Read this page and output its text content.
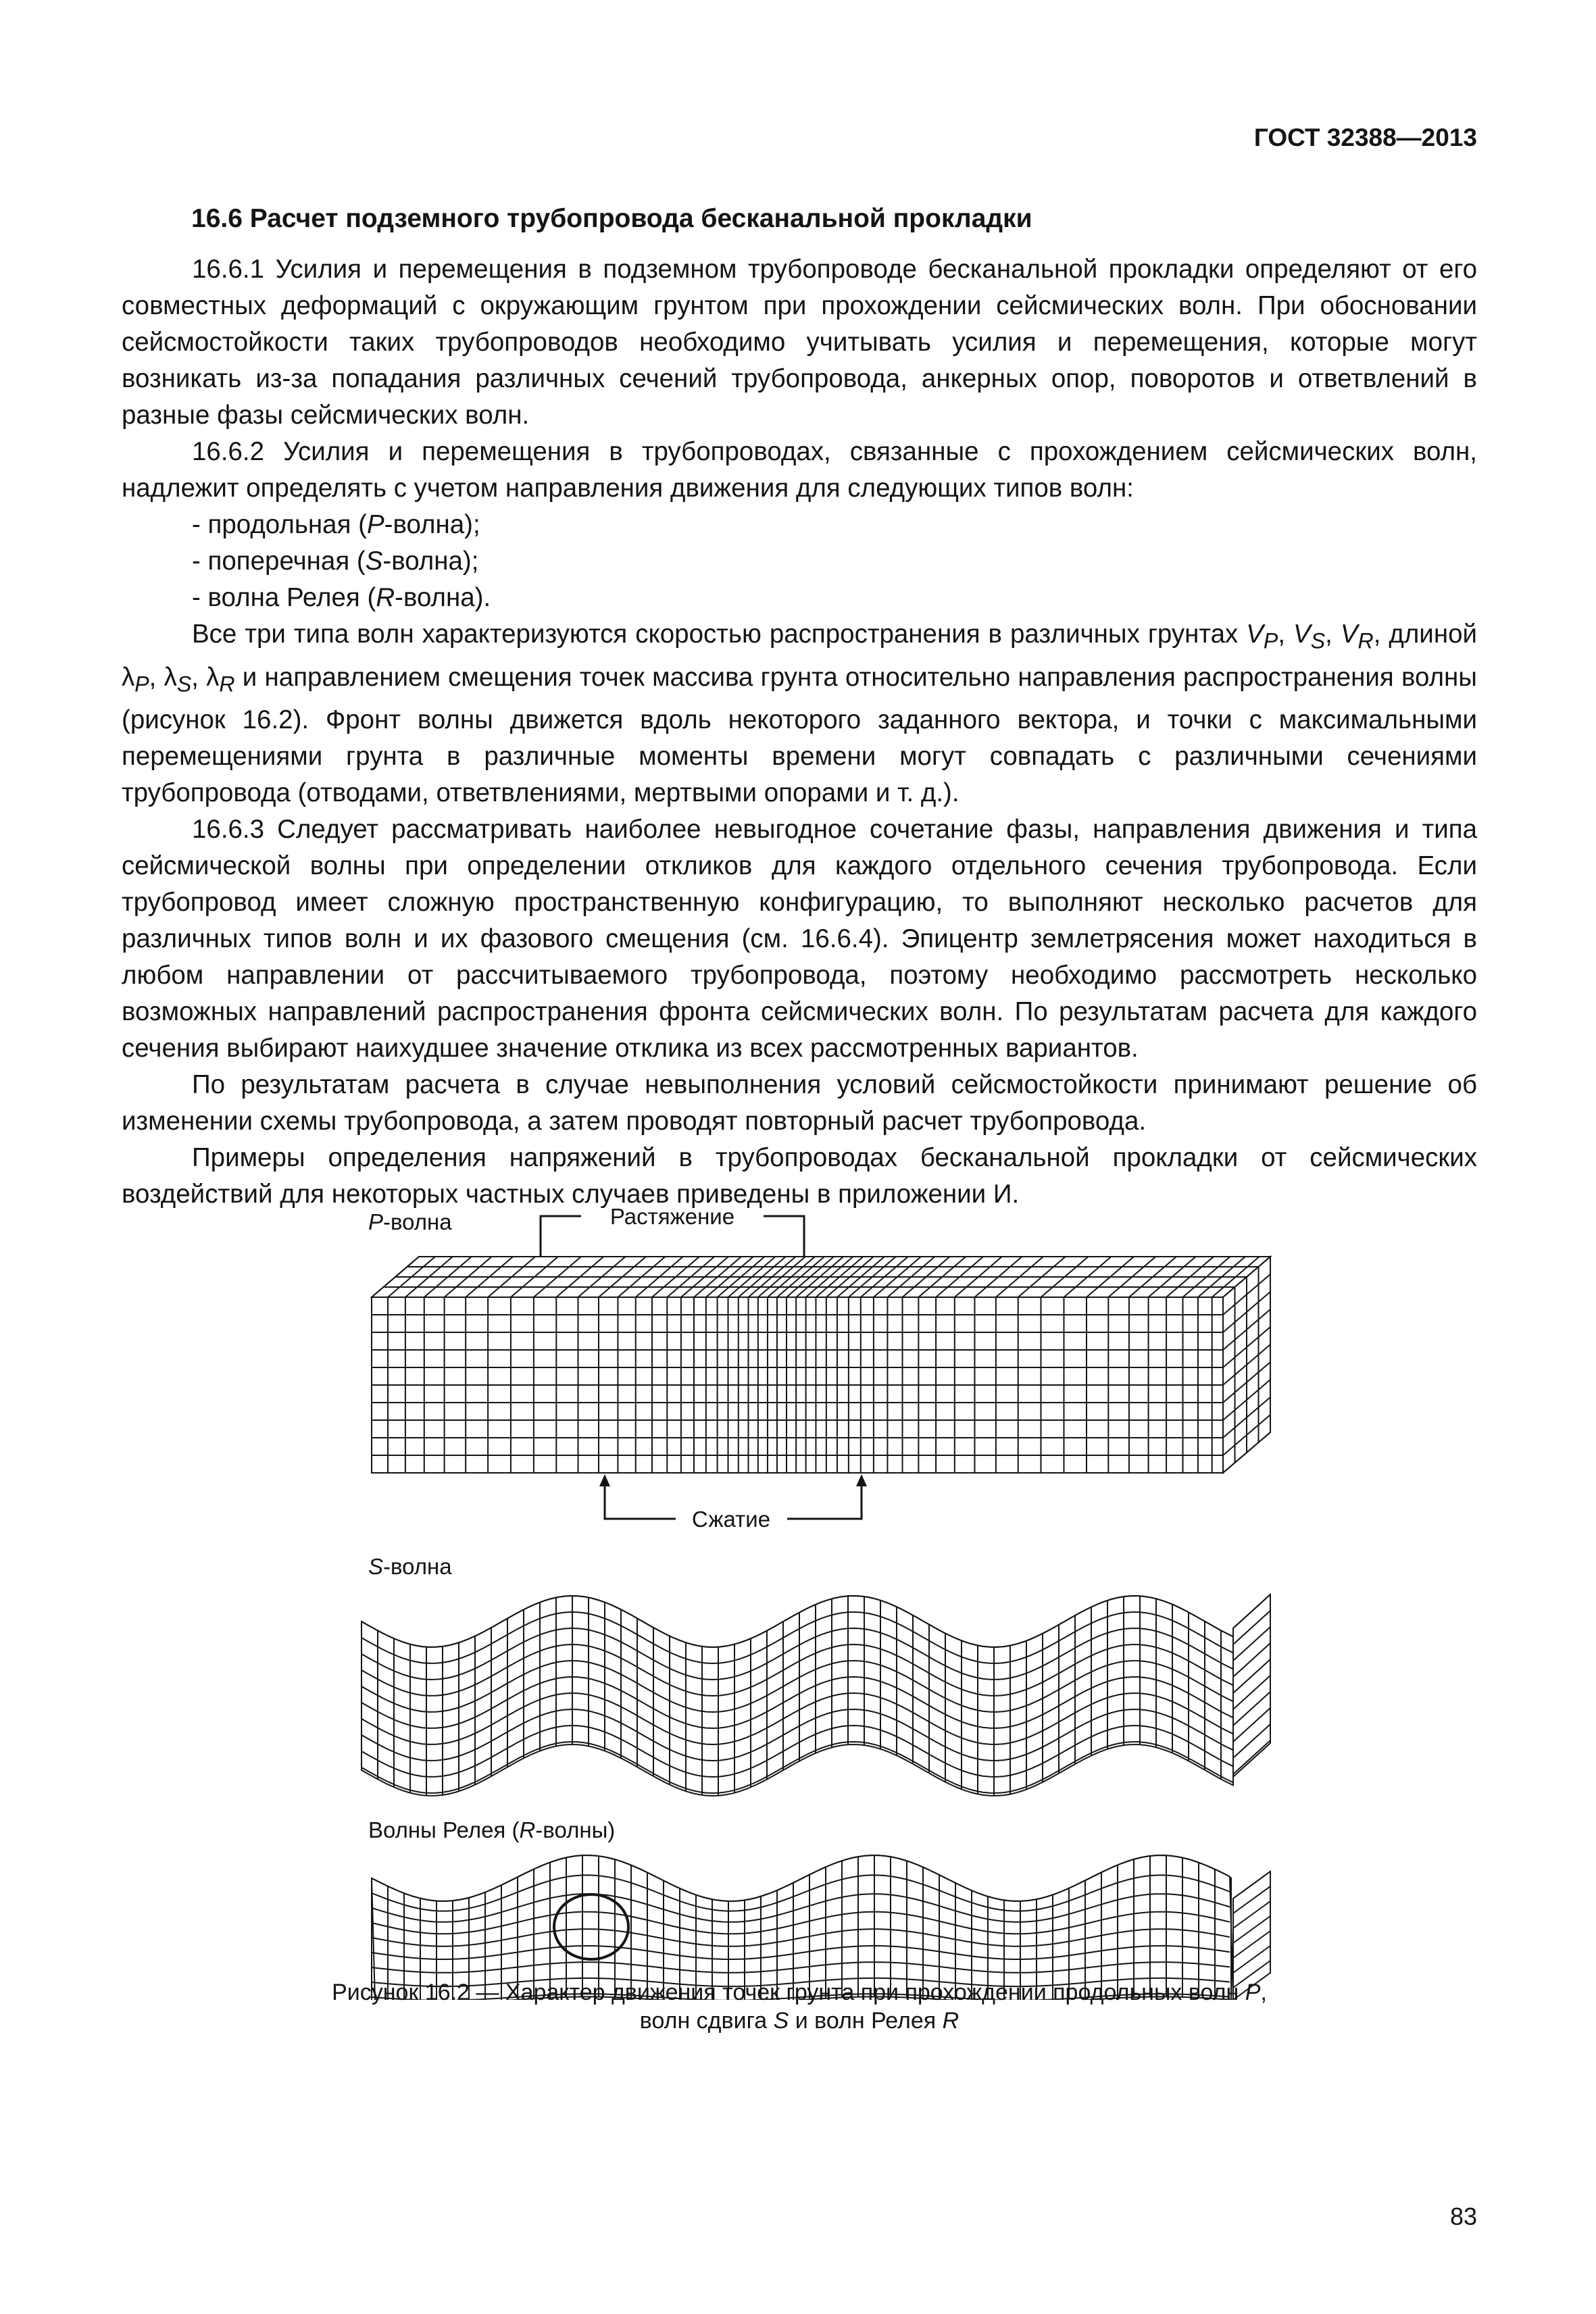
ГОСТ 32388—2013
16.6 Расчет подземного трубопровода бесканальной прокладки

16.6.1 Усилия и перемещения в подземном трубопроводе бесканальной прокладки определяют от его совместных деформаций с окружающим грунтом при прохождении сейсмических волн. При обосновании сейсмостойкости таких трубопроводов необходимо учитывать усилия и перемещения, которые могут возникать из-за попадания различных сечений трубопровода, анкерных опор, поворотов и ответвлений в разные фазы сейсмических волн.

16.6.2 Усилия и перемещения в трубопроводах, связанные с прохождением сейсмических волн, надлежит определять с учетом направления движения для следующих типов волн:

- продольная (P-волна);

- поперечная (S-волна);

- волна Релея (R-волна).

Все три типа волн характеризуются скоростью распространения в различных грунтах $V_P$, $V_S$, $V_R$, длиной $\lambda_P$, $\lambda_S$, $\lambda_R$ и направлением смещения точек массива грунта относительно направления распространения волны (рисунок 16.2). Фронт волны движется вдоль некоторого заданного вектора, и точки с максимальными перемещениями грунта в различные моменты времени могут совпадать с различными сечениями трубопровода (отводами, ответвлениями, мертвыми опорами и т. д.).

16.6.3 Следует рассматривать наиболее невыгодное сочетание фазы, направления движения и типа сейсмической волны при определении откликов для каждого отдельного сечения трубопровода. Если трубопровод имеет сложную пространственную конфигурацию, то выполняют несколько расчетов для различных типов волн и их фазового смещения (см. 16.6.4). Эпицентр землетрясения может находиться в любом направлении от рассчитываемого трубопровода, поэтому необходимо рассмотреть несколько возможных направлений распространения фронта сейсмических волн. По результатам расчета для каждого сечения выбирают наихудшее значение отклика из всех рассмотренных вариантов.

По результатам расчета в случае невыполнения условий сейсмостойкости принимают решение об изменении схемы трубопровода, а затем проводят повторный расчет трубопровода.

Примеры определения напряжений в трубопроводах бесканальной прокладки от сейсмических воздействий для некоторых частных случаев приведены в приложении И.

P-волна	Растяжение
Сжатие
S-волна
Волны Релея (R-волны)
Рисунок 16.2 — Характер движения точек грунта при прохождении продольных волн P,
волн сдвига S и волн Релея R
83
